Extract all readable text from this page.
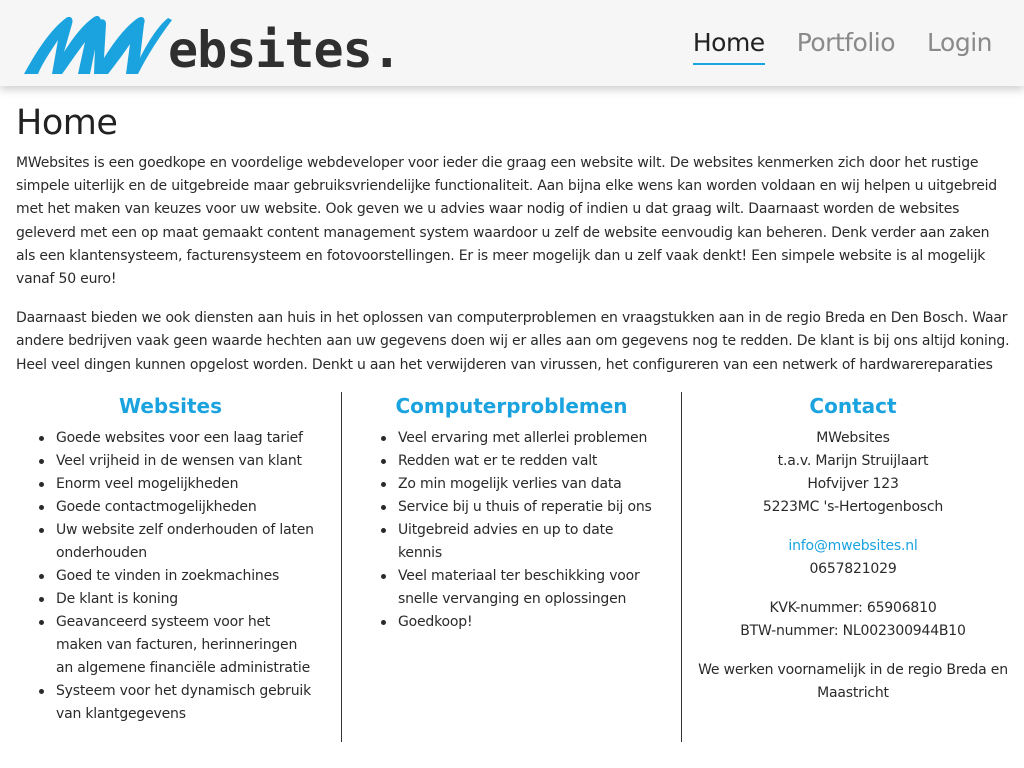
ebsites.	Home Portfolio Login
Home

MWebsites is een goedkope en voordelige webdeveloper voor ieder die graag een website wilt. De websites kenmerken zich door het rustige simpele uiterlijk en de uitgebreide maar gebruiksvriendelijke functionaliteit. Aan bijna elke wens kan worden voldaan en wij helpen u uitgebreid met het maken van keuzes voor uw website. Ook geven we u advies waar nodig of indien u dat graag wilt. Daarnaast worden de websites geleverd met een op maat gemaakt content management system waardoor u zelf de website eenvoudig kan beheren. Denk verder aan zaken als een klantensysteem, facturensysteem en fotovoorstellingen. Er is meer mogelijk dan u zelf vaak denkt! Een simpele website is al mogelijk vanaf 50 euro!

Daarnaast bieden we ook diensten aan huis in het oplossen van computerproblemen en vraagstukken aan in de regio Breda en Den Bosch. Waar andere bedrijven vaak geen waarde hechten aan uw gegevens doen wij er alles aan om gegevens nog te redden. De klant is bij ons altijd koning. Heel veel dingen kunnen opgelost worden. Denkt u aan het verwijderen van virussen, het configureren van een netwerk of hardwarereparaties

Websites
Goede websites voor een laag tarief
Veel vrijheid in de wensen van klant
Enorm veel mogelijkheden
Goede contactmogelijkheden
Uw website zelf onderhouden of laten onderhouden
Goed te vinden in zoekmachines
De klant is koning
Geavanceerd systeem voor het maken van facturen, herinneringen an algemene financiële administratie
Systeem voor het dynamisch gebruik van klantgegevens
Computerproblemen
Veel ervaring met allerlei problemen
Redden wat er te redden valt
Zo min mogelijk verlies van data
Service bij u thuis of reperatie bij ons
Uitgebreid advies en up to date kennis
Veel materiaal ter beschikking voor snelle vervanging en oplossingen
Goedkoop!
Contact
MWebsites
t.a.v. Marijn Struijlaart
Hofvijver 123
5223MC 's-Hertogenbosch
info@mwebsites.nl
0657821029
KVK-nummer: 65906810
BTW-nummer: NL002300944B10
We werken voornamelijk in de regio Breda en Maastricht
